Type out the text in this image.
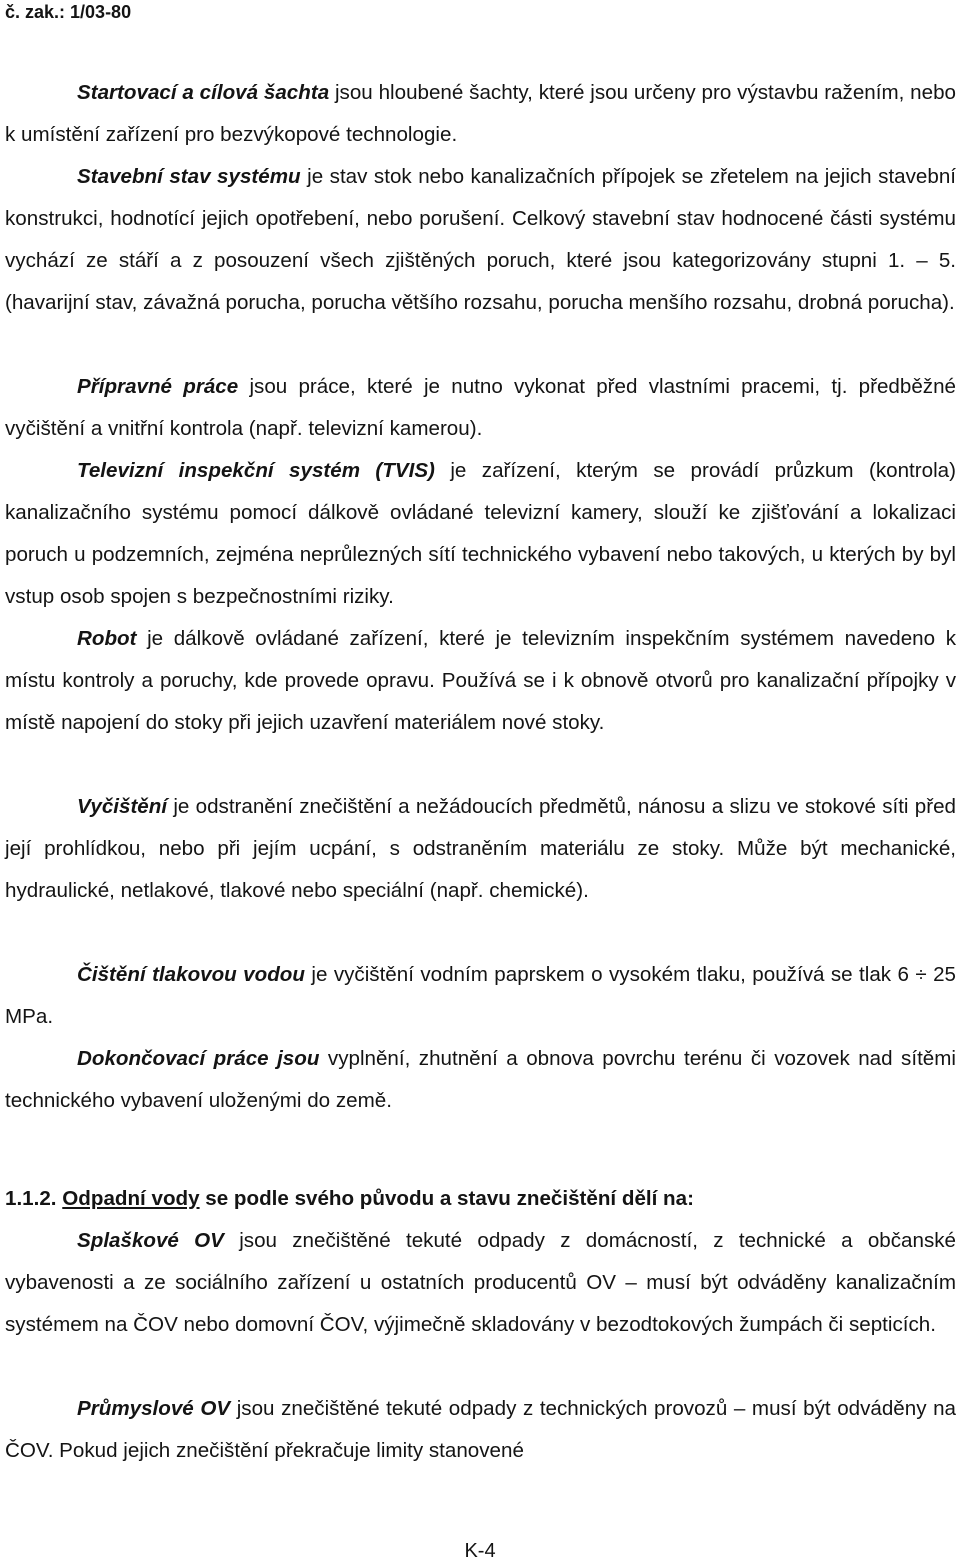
č. zak.: 1/03-80

Startovací a cílová šachta jsou hloubené šachty, které jsou určeny pro výstavbu ražením, nebo k umístění zařízení pro bezvýkopové technologie.

Stavební stav systému je stav stok nebo kanalizačních přípojek se zřetelem na jejich stavební konstrukci, hodnotící jejich opotřebení, nebo porušení. Celkový stavební stav hodnocené části systému vychází ze stáří a z posouzení všech zjištěných poruch, které jsou kategorizovány stupni 1. – 5. (havarijní stav, závažná porucha, porucha většího rozsahu, porucha menšího rozsahu, drobná porucha).

Přípravné práce jsou práce, které je nutno vykonat před vlastními pracemi, tj. předběžné vyčištění a vnitřní kontrola (např. televizní kamerou).

Televizní inspekční systém (TVIS) je zařízení, kterým se provádí průzkum (kontrola) kanalizačního systému pomocí dálkově ovládané televizní kamery, slouží ke zjišťování a lokalizaci poruch u podzemních, zejména neprůlezných sítí technického vybavení nebo takových, u kterých by byl vstup osob spojen s bezpečnostními riziky.

Robot je dálkově ovládané zařízení, které je televizním inspekčním systémem navedeno k místu kontroly a poruchy, kde provede opravu. Používá se i k obnově otvorů pro kanalizační přípojky v místě napojení do stoky při jejich uzavření materiálem nové stoky.

Vyčištění je odstranění znečištění a nežádoucích předmětů, nánosu a slizu ve stokové síti před její prohlídkou, nebo při jejím ucpání, s odstraněním materiálu ze stoky. Může být mechanické, hydraulické, netlakové, tlakové nebo speciální (např. chemické).

Čištění tlakovou vodou je vyčištění vodním paprskem o vysokém tlaku, používá se tlak 6 ÷ 25 MPa.

Dokončovací práce jsou vyplnění, zhutnění a obnova povrchu terénu či vozovek nad sítěmi technického vybavení uloženými do země.

1.1.2. Odpadní vody se podle svého původu a stavu znečištění dělí na:

Splaškové OV jsou znečištěné tekuté odpady z domácností, z technické a občanské vybavenosti a ze sociálního zařízení u ostatních producentů OV – musí být odváděny kanalizačním systémem na ČOV nebo domovní ČOV, výjimečně skladovány v bezodtokových žumpách či septicích.

Průmyslové OV jsou znečištěné tekuté odpady z technických provozů – musí být odváděny na ČOV. Pokud jejich znečištění překračuje limity stanovené

K-4
